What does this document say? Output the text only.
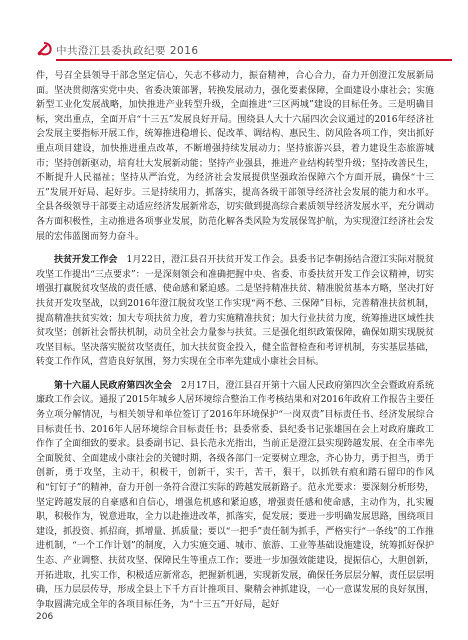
中共澄江县委执政纪要 2016

件，号召全县领导干部念坚定信心，矢志不移动力，振奋精神，合心合力，奋力开创澄江发展新局面。坚决贯彻落实党中央、省委决策部署，转换发展动力，强化要素保障，全面建设小康社会；实施新型工业化发展战略，加快推进产业转型升级，全面推进“三区两城”建设的目标任务。三是明确目标，突出重点，全面开启“十三五”发展良好开局。围绕县人大十六届四次会议通过的2016年经济社会发展主要指标开展工作，统筹推进稳增长、促改革、调结构、惠民生、防风险各项工作，突出抓好重点项目建设，加快推进重点改革，不断增强持续发展动力；坚持旅游兴县，着力建设生态旅游城市；坚持创新驱动，培育壮大发展新动能；坚持产业强县，推进产业结构转型升级；坚持改善民生，不断提升人民福祉；坚持从严治党，为经济社会发展提供坚强政治保障六个方面开展，确保“十三五”发展开好局、起好步。三是持续用力，抓落实，提高各级干部领导经济社会发展的能力和水平。全县各级领导干部要主动适应经济发展新常态，切实做到提高综合素质领导经济发展水平，充分调动各方面积极性，主动推进各项事业发展，防范化解各类风险为发展保驾护航，为实现澄江经济社会发展的宏伟蓝图而努力奋斗。

扶贫开发工作会　1月22日，澄江县召开扶贫开发工作会。县委书记李朝扬结合澄江实际对脱贫攻坚工作提出“三点要求”：一是深刻领会和准确把握中央、省委、市委扶贫开发工作会议精神，切实增强打赢脱贫攻坚战的责任感、使命感和紧迫感。二是坚持精准扶贫、精准脱贫基本方略，坚决打好扶贫开发攻坚战，以到2016年澄江脱贫攻坚工作实现“两不愁、三保障”目标，完善精准扶贫机制，提高精准扶贫实效；加大专项扶贫力度，着力实施精准扶贫；加大行业扶贫力度，统筹推进区域性扶贫攻坚；创新社会帮扶机制，动员全社会力量参与扶贫。三是强化组织政策保障，确保如期实现脱贫攻坚目标。坚决落实脱贫攻坚责任，加大扶贫资金投入，健全监督检查和考评机制，夯实基层基础，转变工作作风，营造良好氛围，努力实现在全市率先建成小康社会目标。

第十六届人民政府第四次全会　2月17日，澄江县召开第十六届人民政府第四次全会暨政府系统廉政工作会议。通报了2015年城乡人居环境综合整治工作考核结果和对2016年政府工作报告主要任务立项分解情况，与相关领导和单位签订了2016年环境保护“一岗双责”目标责任书、经济发展综合目标责任书、2016年人居环境综合目标责任书；县委常委、县纪委书记张雄国在会上对政府廉政工作作了全面细致的要求。县委副书记、县长范永光指出，当前正是澄江县实现跨越发展、在全市率先全面脱贫、全面建成小康社会的关键时期，各级各部门一定要树立理念，齐心协力，勇于担当，勇于创新，勇于攻坚，主动干，积极干，创新干，实干，苦干，狠干，以抓铁有痕和踏石留印的作风和“钉钉子”的精神，奋力开创一条符合澄江实际的跨越发展新路子。范永光要求：要深刻分析形势，坚定跨越发展的自豪感和自信心，增强危机感和紧迫感，增强责任感和使命感，主动作为，扎实履职，积极作为，锐意进取，全力以赴推进改革，抓落实，促发展；要进一步明确发展思路，围绕项目建设，抓投资、抓招商，抓增量、抓质量；要以“一把手”责任制为抓手，严格实行“一条线”的工作推进机制，“一个工作计划”的制度，入力实施交通、城市、旅游、工业等基础设施建设，统筹抓好保护生态、产业调整、扶贫攻坚、保障民生等重点工作；要进一步加强效能建设，提振信心，大胆创新，开拓进取，扎实工作，积极适应新常态，把握新机遇，实现新发展，确保任务层层分解，责任层层明确，压力层层传导，形成全县上下千方百计推项目、聚精会神抓建设，一心一意谋发展的良好氛围，争取圆满完成全年的各项目标任务，为“十三五”开好局，起好

206
